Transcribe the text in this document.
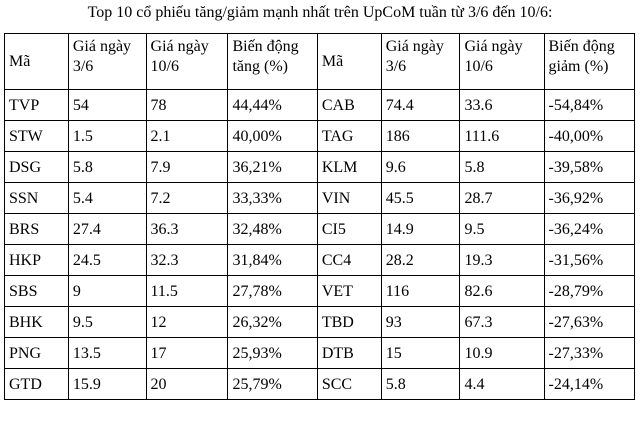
Top 10 cổ phiếu tăng/giảm mạnh nhất trên UpCoM tuần từ 3/6 đến 10/6:
Mã	Giá ngày 3/6	Giá ngày 10/6	Biến động tăng (%)	Mã	Giá ngày 3/6	Giá ngày 10/6	Biến động giảm (%)
TVP	54	78	44,44%	CAB	74.4	33.6	-54,84%
STW	1.5	2.1	40,00%	TAG	186	111.6	-40,00%
DSG	5.8	7.9	36,21%	KLM	9.6	5.8	-39,58%
SSN	5.4	7.2	33,33%	VIN	45.5	28.7	-36,92%
BRS	27.4	36.3	32,48%	CI5	14.9	9.5	-36,24%
HKP	24.5	32.3	31,84%	CC4	28.2	19.3	-31,56%
SBS	9	11.5	27,78%	VET	116	82.6	-28,79%
BHK	9.5	12	26,32%	TBD	93	67.3	-27,63%
PNG	13.5	17	25,93%	DTB	15	10.9	-27,33%
GTD	15.9	20	25,79%	SCC	5.8	4.4	-24,14%
